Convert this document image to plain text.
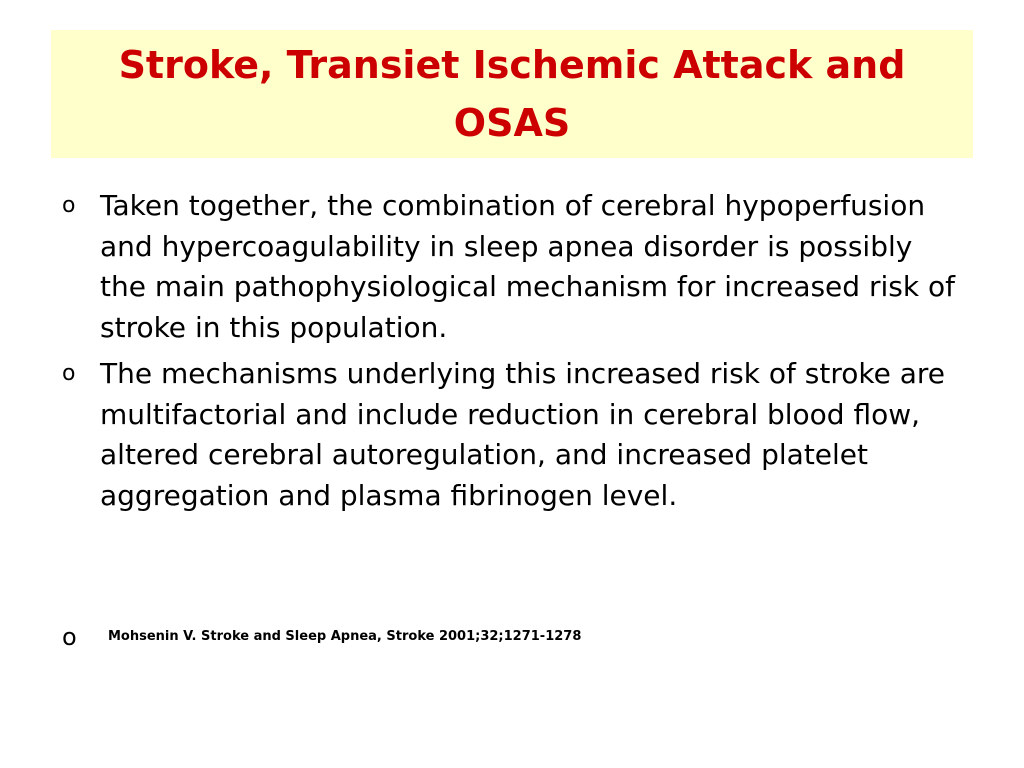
Stroke, Transiet Ischemic Attack and OSAS
o Taken together, the combination of cerebral hypoperfusion and hypercoagulability in sleep apnea disorder is possibly the main pathophysiological mechanism for increased risk of stroke in this population.
o The mechanisms underlying this increased risk of stroke are multifactorial and include reduction in cerebral blood flow, altered cerebral autoregulation, and increased platelet aggregation and plasma fibrinogen level.
o	Mohsenin V. Stroke and Sleep Apnea, Stroke 2001;32;1271-1278
